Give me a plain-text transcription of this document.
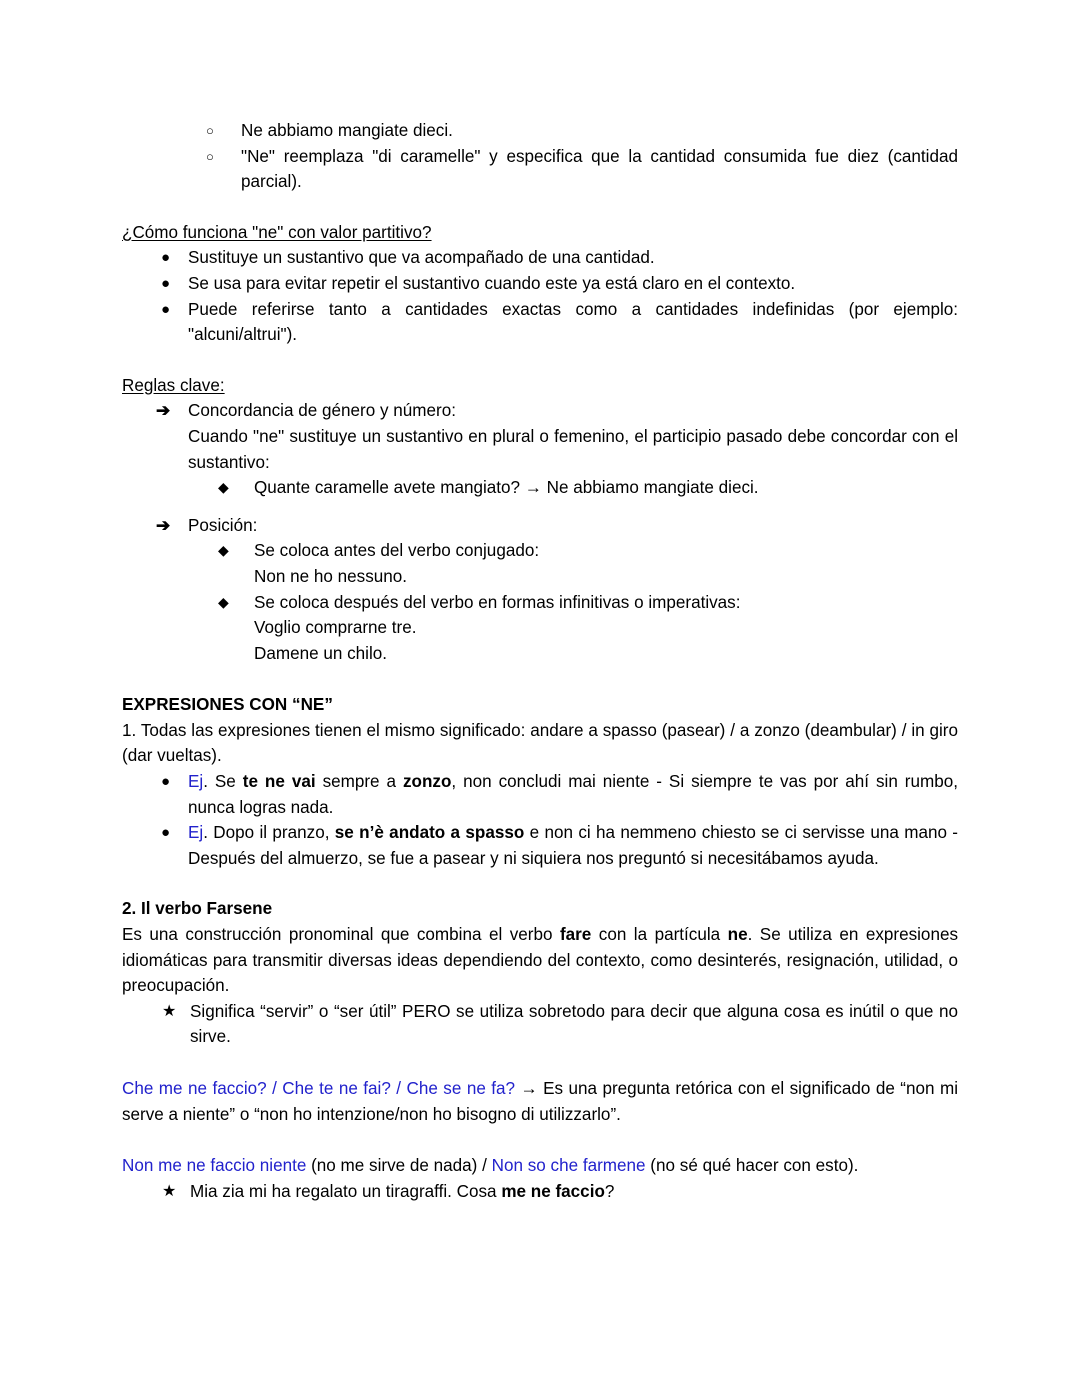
○	Ne abbiamo mangiate dieci.
○	"Ne" reemplaza "di caramelle" y especifica que la cantidad consumida fue diez (cantidad parcial).
¿Cómo funciona "ne" con valor partitivo?
●	Sustituye un sustantivo que va acompañado de una cantidad.
●	Se usa para evitar repetir el sustantivo cuando este ya está claro en el contexto.
●	Puede referirse tanto a cantidades exactas como a cantidades indefinidas (por ejemplo: "alcuni/altrui").
Reglas clave:
➔	Concordancia de género y número:
Cuando "ne" sustituye un sustantivo en plural o femenino, el participio pasado debe concordar con el sustantivo:
◆	Quante caramelle avete mangiato? → Ne abbiamo mangiate dieci.
➔	Posición:
◆	Se coloca antes del verbo conjugado:
Non ne ho nessuno.
◆	Se coloca después del verbo en formas infinitivas o imperativas:
Voglio comprarne tre.
Damene un chilo.
EXPRESIONES CON “NE”
1. Todas las expresiones tienen el mismo significado: andare a spasso (pasear) / a zonzo (deambular) / in giro (dar vueltas).
●	Ej. Se te ne vai sempre a zonzo, non concludi mai niente - Si siempre te vas por ahí sin rumbo, nunca logras nada.
●	Ej. Dopo il pranzo, se n’è andato a spasso e non ci ha nemmeno chiesto se ci servisse una mano - Después del almuerzo, se fue a pasear y ni siquiera nos preguntó si necesitábamos ayuda.
2. Il verbo Farsene
Es una construcción pronominal que combina el verbo fare con la partícula ne. Se utiliza en expresiones idiomáticas para transmitir diversas ideas dependiendo del contexto, como desinterés, resignación, utilidad, o preocupación.
★ Significa “servir” o “ser útil” PERO se utiliza sobretodo para decir que alguna cosa es inútil o que no sirve.
Che me ne faccio? / Che te ne fai? / Che se ne fa? → Es una pregunta retórica con el significado de “non mi serve a niente” o “non ho intenzione/non ho bisogno di utilizzarlo”.
Non me ne faccio niente (no me sirve de nada) / Non so che farmene (no sé qué hacer con esto).
★ Mia zia mi ha regalato un tiragraffi. Cosa me ne faccio?
